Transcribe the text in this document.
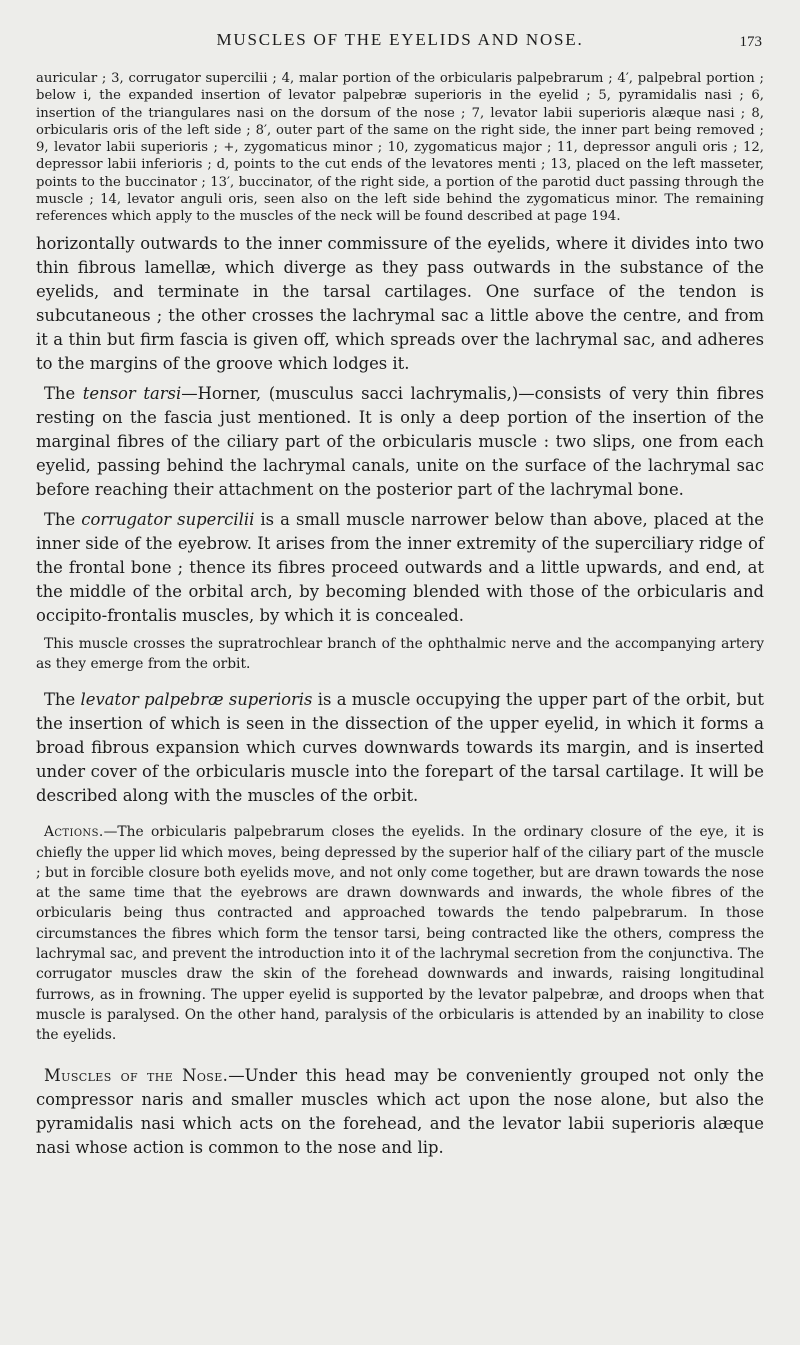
MUSCLES OF THE EYELIDS AND NOSE.	173

auricular ; 3, corrugator supercilii ; 4, malar portion of the orbicularis palpebrarum ; 4′, palpebral portion ; below i, the expanded insertion of levator palpebræ superioris in the eyelid ; 5, pyramidalis nasi ; 6, insertion of the triangulares nasi on the dorsum of the nose ; 7, levator labii superioris alæque nasi ; 8, orbicularis oris of the left side ; 8′, outer part of the same on the right side, the inner part being removed ; 9, levator labii superioris ; +, zygomaticus minor ; 10, zygomaticus major ; 11, depressor anguli oris ; 12, depressor labii inferioris ; d, points to the cut ends of the levatores menti ; 13, placed on the left masseter, points to the buccinator ; 13′, buccinator, of the right side, a portion of the parotid duct passing through the muscle ; 14, levator anguli oris, seen also on the left side behind the zygomaticus minor. The remaining references which apply to the muscles of the neck will be found described at page 194.

horizontally outwards to the inner commissure of the eyelids, where it divides into two thin fibrous lamellæ, which diverge as they pass outwards in the substance of the eyelids, and terminate in the tarsal cartilages. One surface of the tendon is subcutaneous ; the other crosses the lachrymal sac a little above the centre, and from it a thin but firm fascia is given off, which spreads over the lachrymal sac, and adheres to the margins of the groove which lodges it.

The tensor tarsi—Horner, (musculus sacci lachrymalis,)—consists of very thin fibres resting on the fascia just mentioned. It is only a deep portion of the insertion of the marginal fibres of the ciliary part of the orbicularis muscle : two slips, one from each eyelid, passing behind the lachrymal canals, unite on the surface of the lachrymal sac before reaching their attachment on the posterior part of the lachrymal bone.

The corrugator supercilii is a small muscle narrower below than above, placed at the inner side of the eyebrow. It arises from the inner extremity of the superciliary ridge of the frontal bone ; thence its fibres proceed outwards and a little upwards, and end, at the middle of the orbital arch, by becoming blended with those of the orbicularis and occipito-frontalis muscles, by which it is concealed.

This muscle crosses the supratrochlear branch of the ophthalmic nerve and the accompanying artery as they emerge from the orbit.

The levator palpebræ superioris is a muscle occupying the upper part of the orbit, but the insertion of which is seen in the dissection of the upper eyelid, in which it forms a broad fibrous expansion which curves downwards towards its margin, and is inserted under cover of the orbicularis muscle into the forepart of the tarsal cartilage. It will be described along with the muscles of the orbit.

Actions.—The orbicularis palpebrarum closes the eyelids. In the ordinary closure of the eye, it is chiefly the upper lid which moves, being depressed by the superior half of the ciliary part of the muscle ; but in forcible closure both eyelids move, and not only come together, but are drawn towards the nose at the same time that the eyebrows are drawn downwards and inwards, the whole fibres of the orbicularis being thus contracted and approached towards the tendo palpebrarum. In those circumstances the fibres which form the tensor tarsi, being contracted like the others, compress the lachrymal sac, and prevent the introduction into it of the lachrymal secretion from the conjunctiva. The corrugator muscles draw the skin of the forehead downwards and inwards, raising longitudinal furrows, as in frowning. The upper eyelid is supported by the levator palpebræ, and droops when that muscle is paralysed. On the other hand, paralysis of the orbicularis is attended by an inability to close the eyelids.

Muscles of the Nose.—Under this head may be conveniently grouped not only the compressor naris and smaller muscles which act upon the nose alone, but also the pyramidalis nasi which acts on the forehead, and the levator labii superioris alæque nasi whose action is common to the nose and lip.
